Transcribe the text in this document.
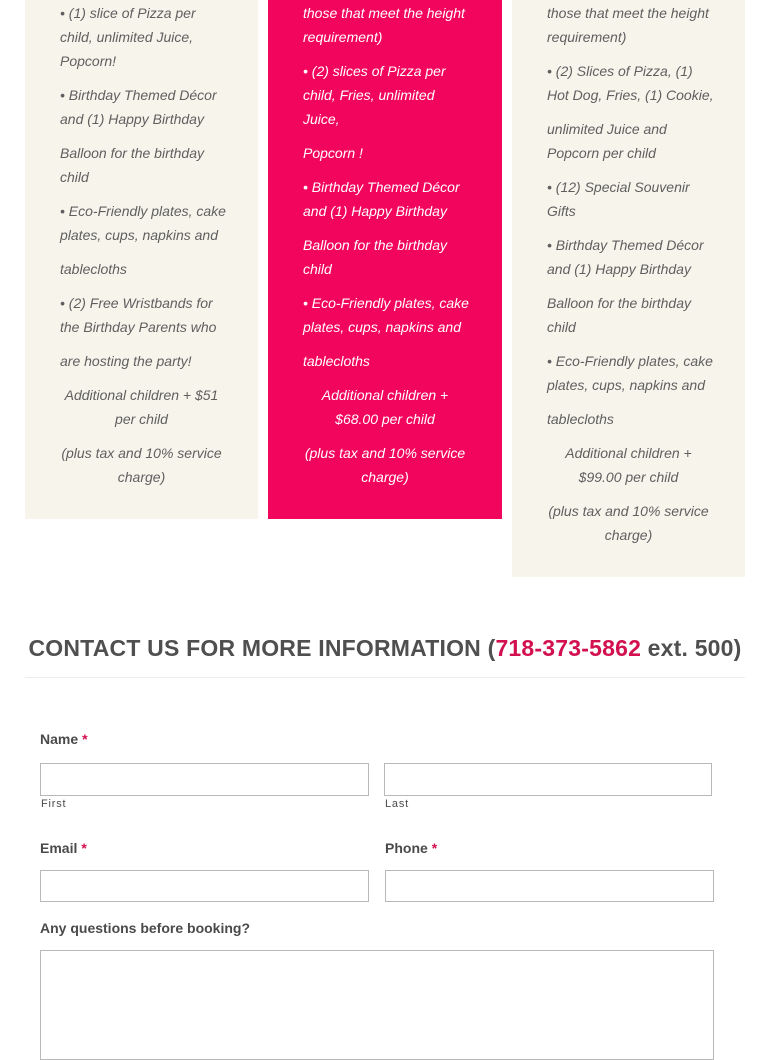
• (1) slice of Pizza per
child, unlimited Juice,
Popcorn!
• Birthday Themed Décor
and (1) Happy Birthday
Balloon for the birthday
child
• Eco-Friendly plates, cake
plates, cups, napkins and
tablecloths
• (2) Free Wristbands for
the Birthday Parents who
are hosting the party!
Additional children + $51
per child
(plus tax and 10% service
charge)
those that meet the height
requirement)
• (2) slices of Pizza per
child, Fries, unlimited
Juice,
Popcorn !
• Birthday Themed Décor
and (1) Happy Birthday
Balloon for the birthday
child
• Eco-Friendly plates, cake
plates, cups, napkins and
tablecloths
Additional children +
$68.00 per child
(plus tax and 10% service
charge)
those that meet the height
requirement)
• (2) Slices of Pizza, (1)
Hot Dog, Fries, (1) Cookie,
unlimited Juice and
Popcorn per child
• (12) Special Souvenir
Gifts
• Birthday Themed Décor
and (1) Happy Birthday
Balloon for the birthday
child
• Eco-Friendly plates, cake
plates, cups, napkins and
tablecloths
Additional children +
$99.00 per child
(plus tax and 10% service
charge)
CONTACT US FOR MORE INFORMATION (718-373-5862 ext. 500)
Name *
First	Last
Email *	Phone *
Any questions before booking?
